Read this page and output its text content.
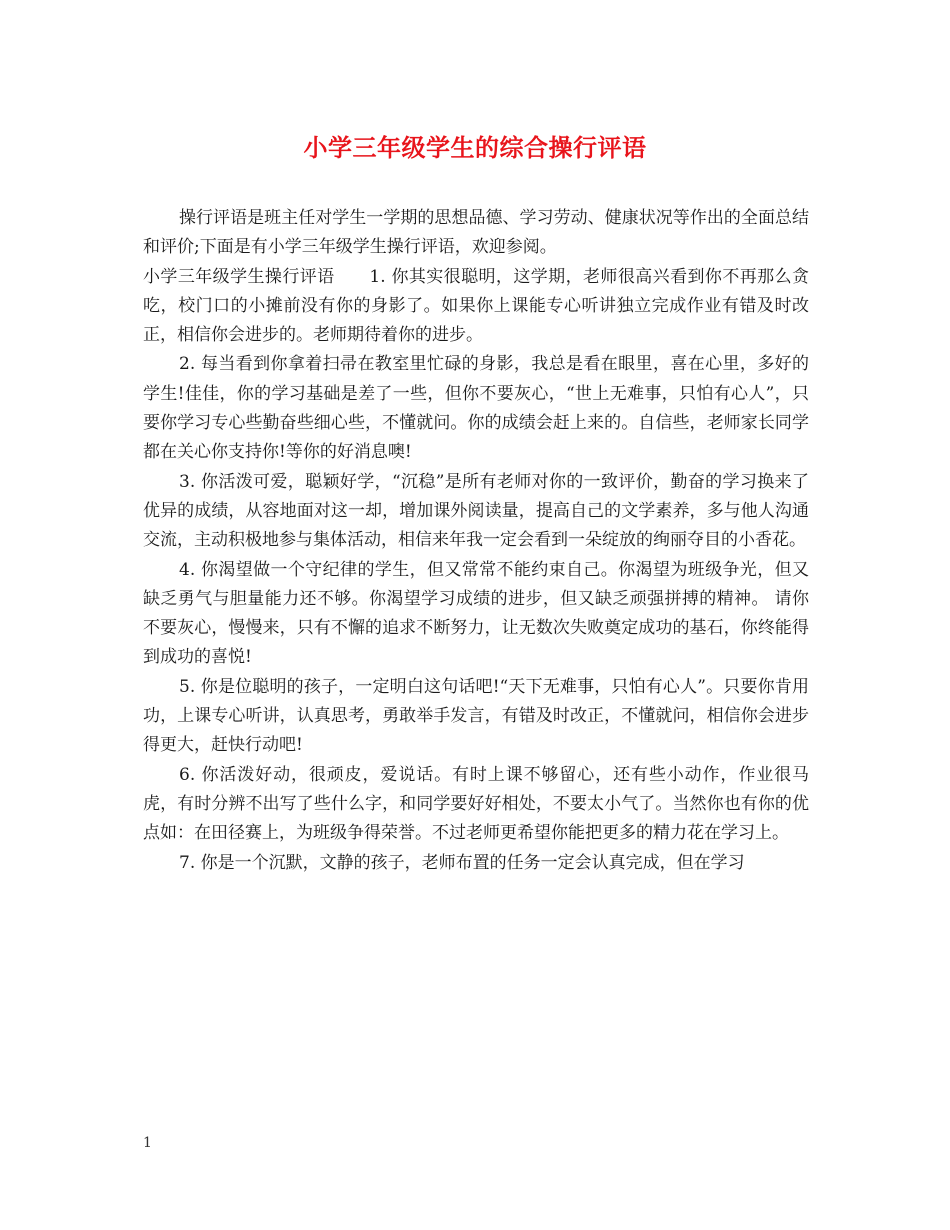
小学三年级学生的综合操行评语

操行评语是班主任对学生一学期的思想品德、学习劳动、健康状况等作出的全面总结和评价;下面是有小学三年级学生操行评语，欢迎参阅。

小学三年级学生操行评语　　1. 你其实很聪明，这学期，老师很高兴看到你不再那么贪吃，校门口的小摊前没有你的身影了。如果你上课能专心听讲独立完成作业有错及时改正，相信你会进步的。老师期待着你的进步。

2. 每当看到你拿着扫帚在教室里忙碌的身影，我总是看在眼里，喜在心里，多好的学生!佳佳，你的学习基础是差了一些，但你不要灰心，“世上无难事，只怕有心人”，只要你学习专心些勤奋些细心些，不懂就问。你的成绩会赶上来的。自信些，老师家长同学都在关心你支持你!等你的好消息噢!

3. 你活泼可爱，聪颖好学，“沉稳”是所有老师对你的一致评价，勤奋的学习换来了优异的成绩，从容地面对这一却，增加课外阅读量，提高自己的文学素养，多与他人沟通交流，主动积极地参与集体活动，相信来年我一定会看到一朵绽放的绚丽夺目的小香花。

4. 你渴望做一个守纪律的学生，但又常常不能约束自己。你渴望为班级争光，但又缺乏勇气与胆量能力还不够。你渴望学习成绩的进步，但又缺乏顽强拼搏的精神。 请你不要灰心，慢慢来，只有不懈的追求不断努力，让无数次失败奠定成功的基石，你终能得到成功的喜悦!

5. 你是位聪明的孩子，一定明白这句话吧!“天下无难事，只怕有心人”。只要你肯用功，上课专心听讲，认真思考，勇敢举手发言，有错及时改正，不懂就问，相信你会进步得更大，赶快行动吧!

6. 你活泼好动，很顽皮，爱说话。有时上课不够留心，还有些小动作，作业很马虎，有时分辨不出写了些什么字，和同学要好好相处，不要太小气了。当然你也有你的优点如：在田径赛上，为班级争得荣誉。不过老师更希望你能把更多的精力花在学习上。

7. 你是一个沉默，文静的孩子，老师布置的任务一定会认真完成，但在学习

1
